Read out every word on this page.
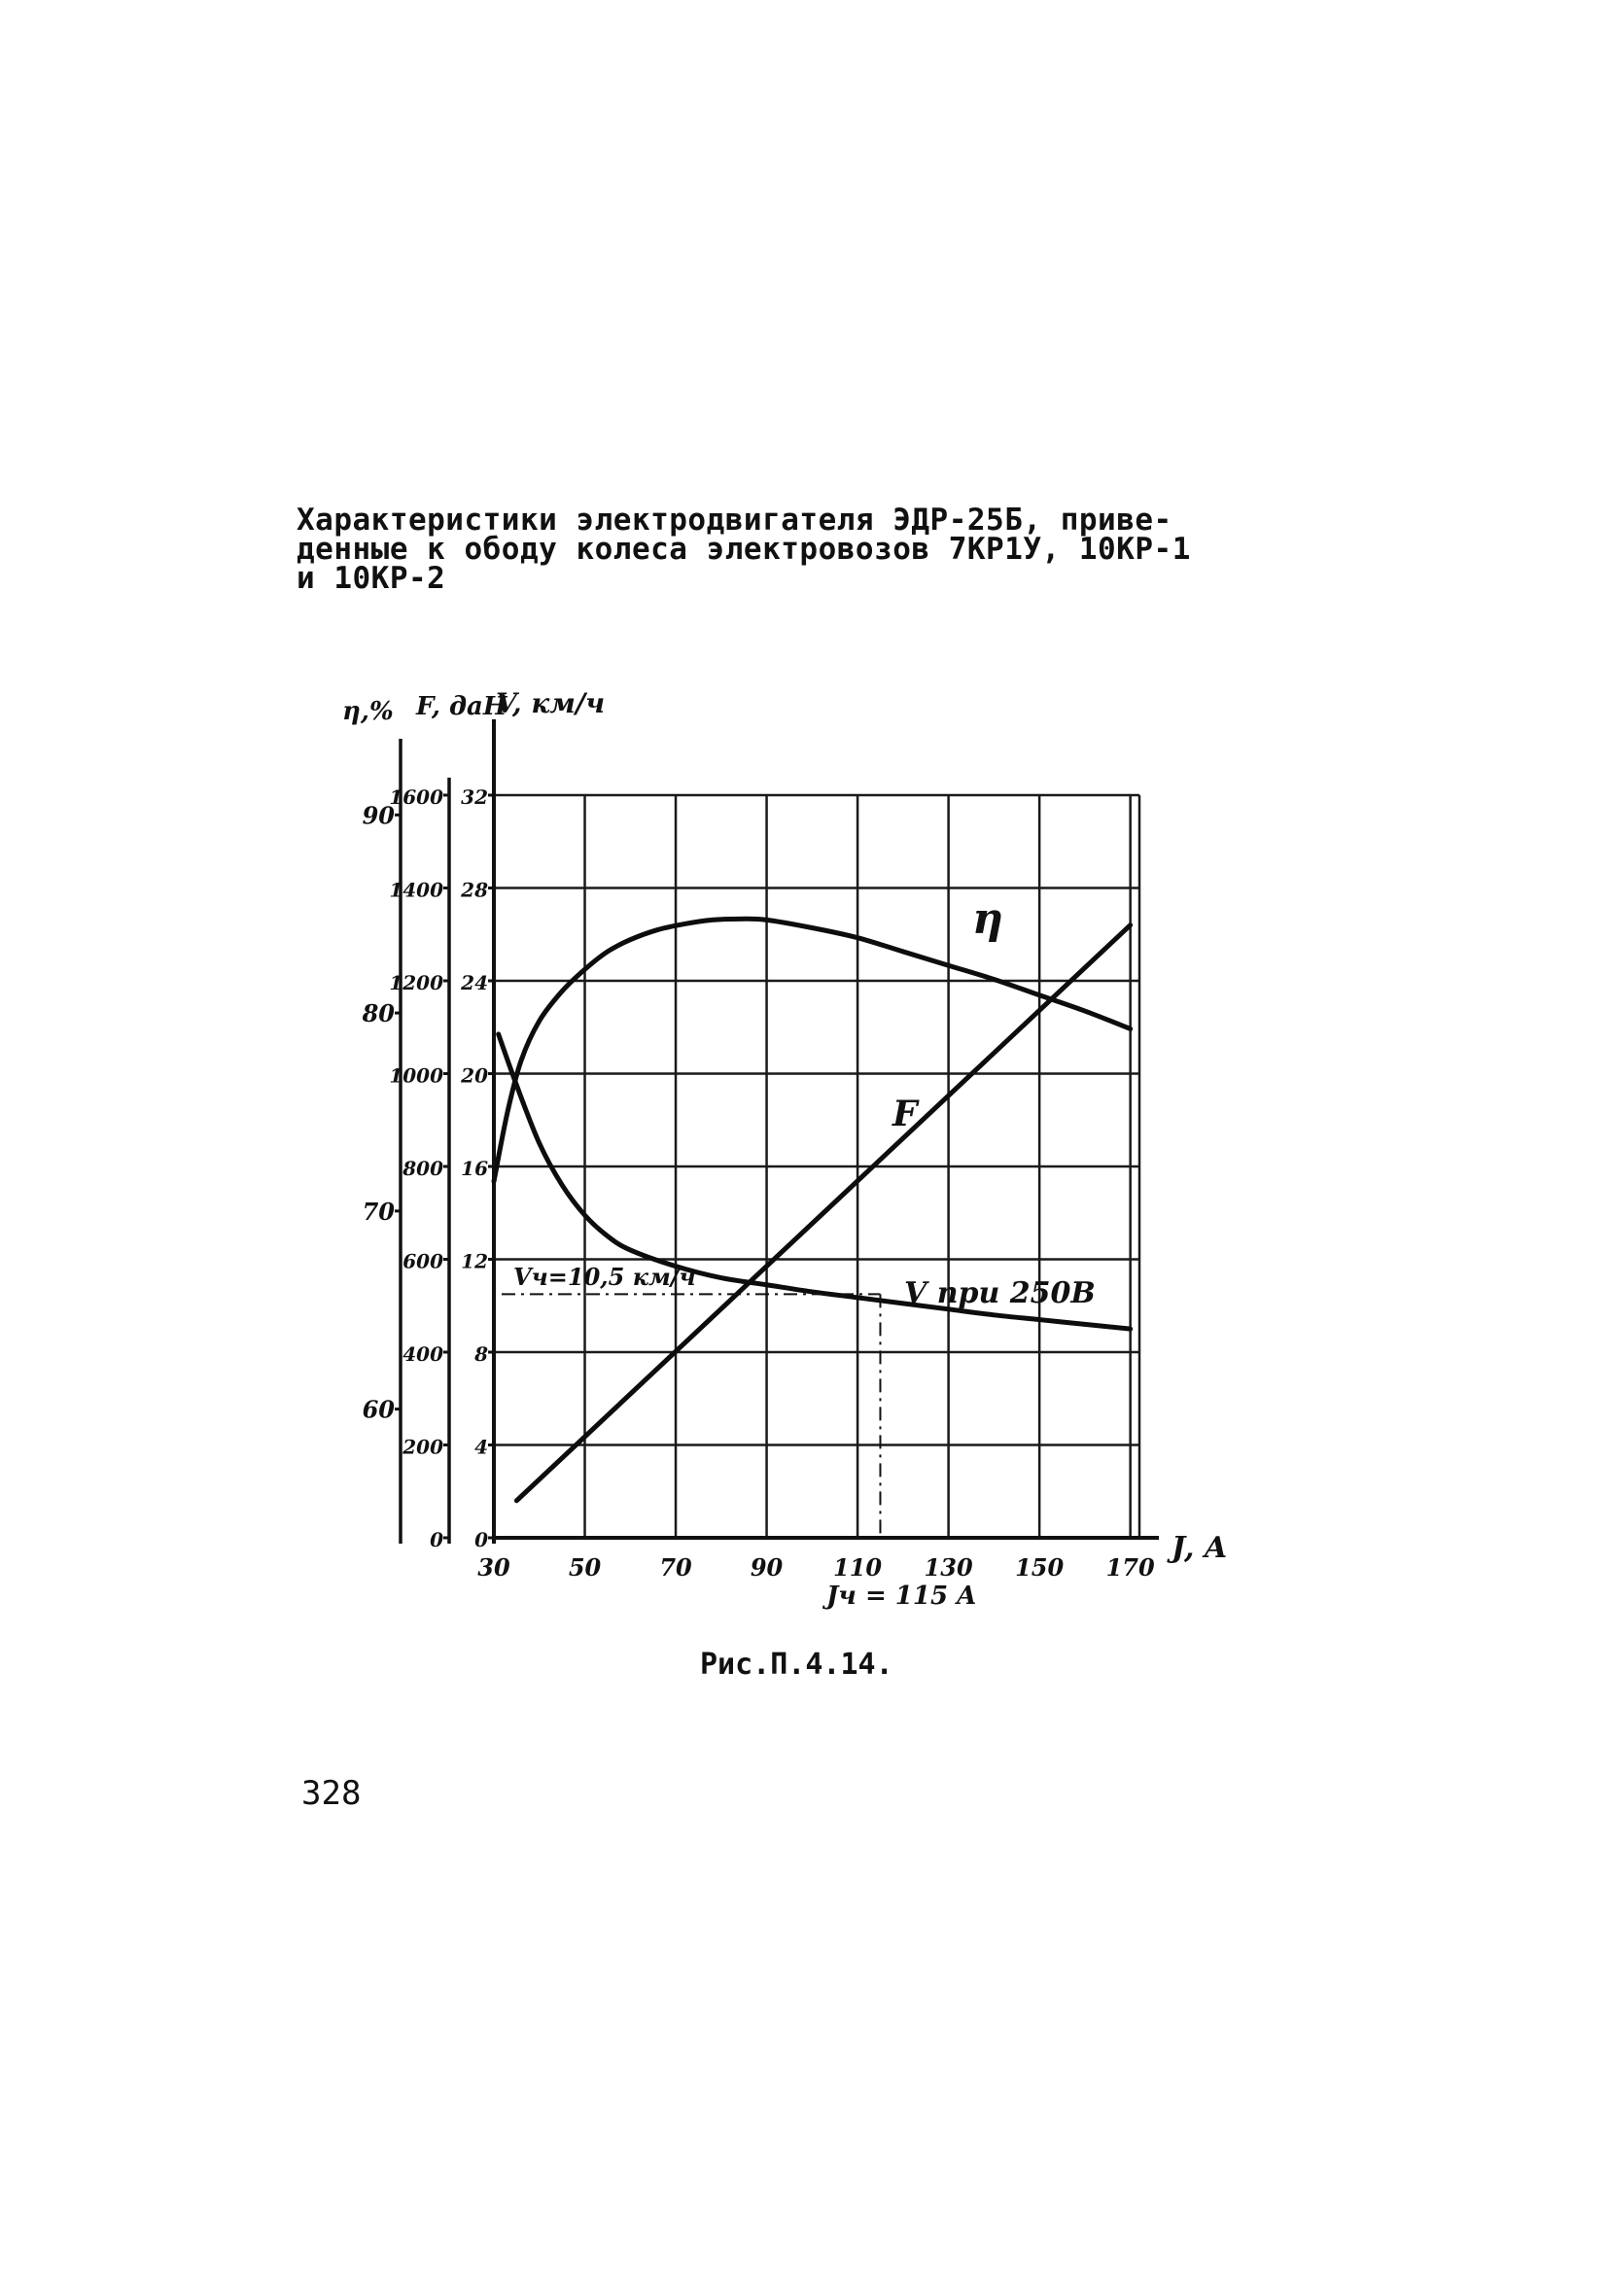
Характеристики электродвигателя ЭДР-25Б, приве-
денные к ободу колеса электровозов 7КР1У, 10КР-1
и 10КР-2
η,% F, даН
V, км/ч
60
70
80
90
0
200
400
600
800
1000
1200
1400
1600
0
4
8
12
16
20
24
28
32
30	50	70	90 110 130 150 170
J, A
η
F
V при 250В
Vч=10,5 км/ч
Jч = 115 A
Рис.П.4.14.
328
